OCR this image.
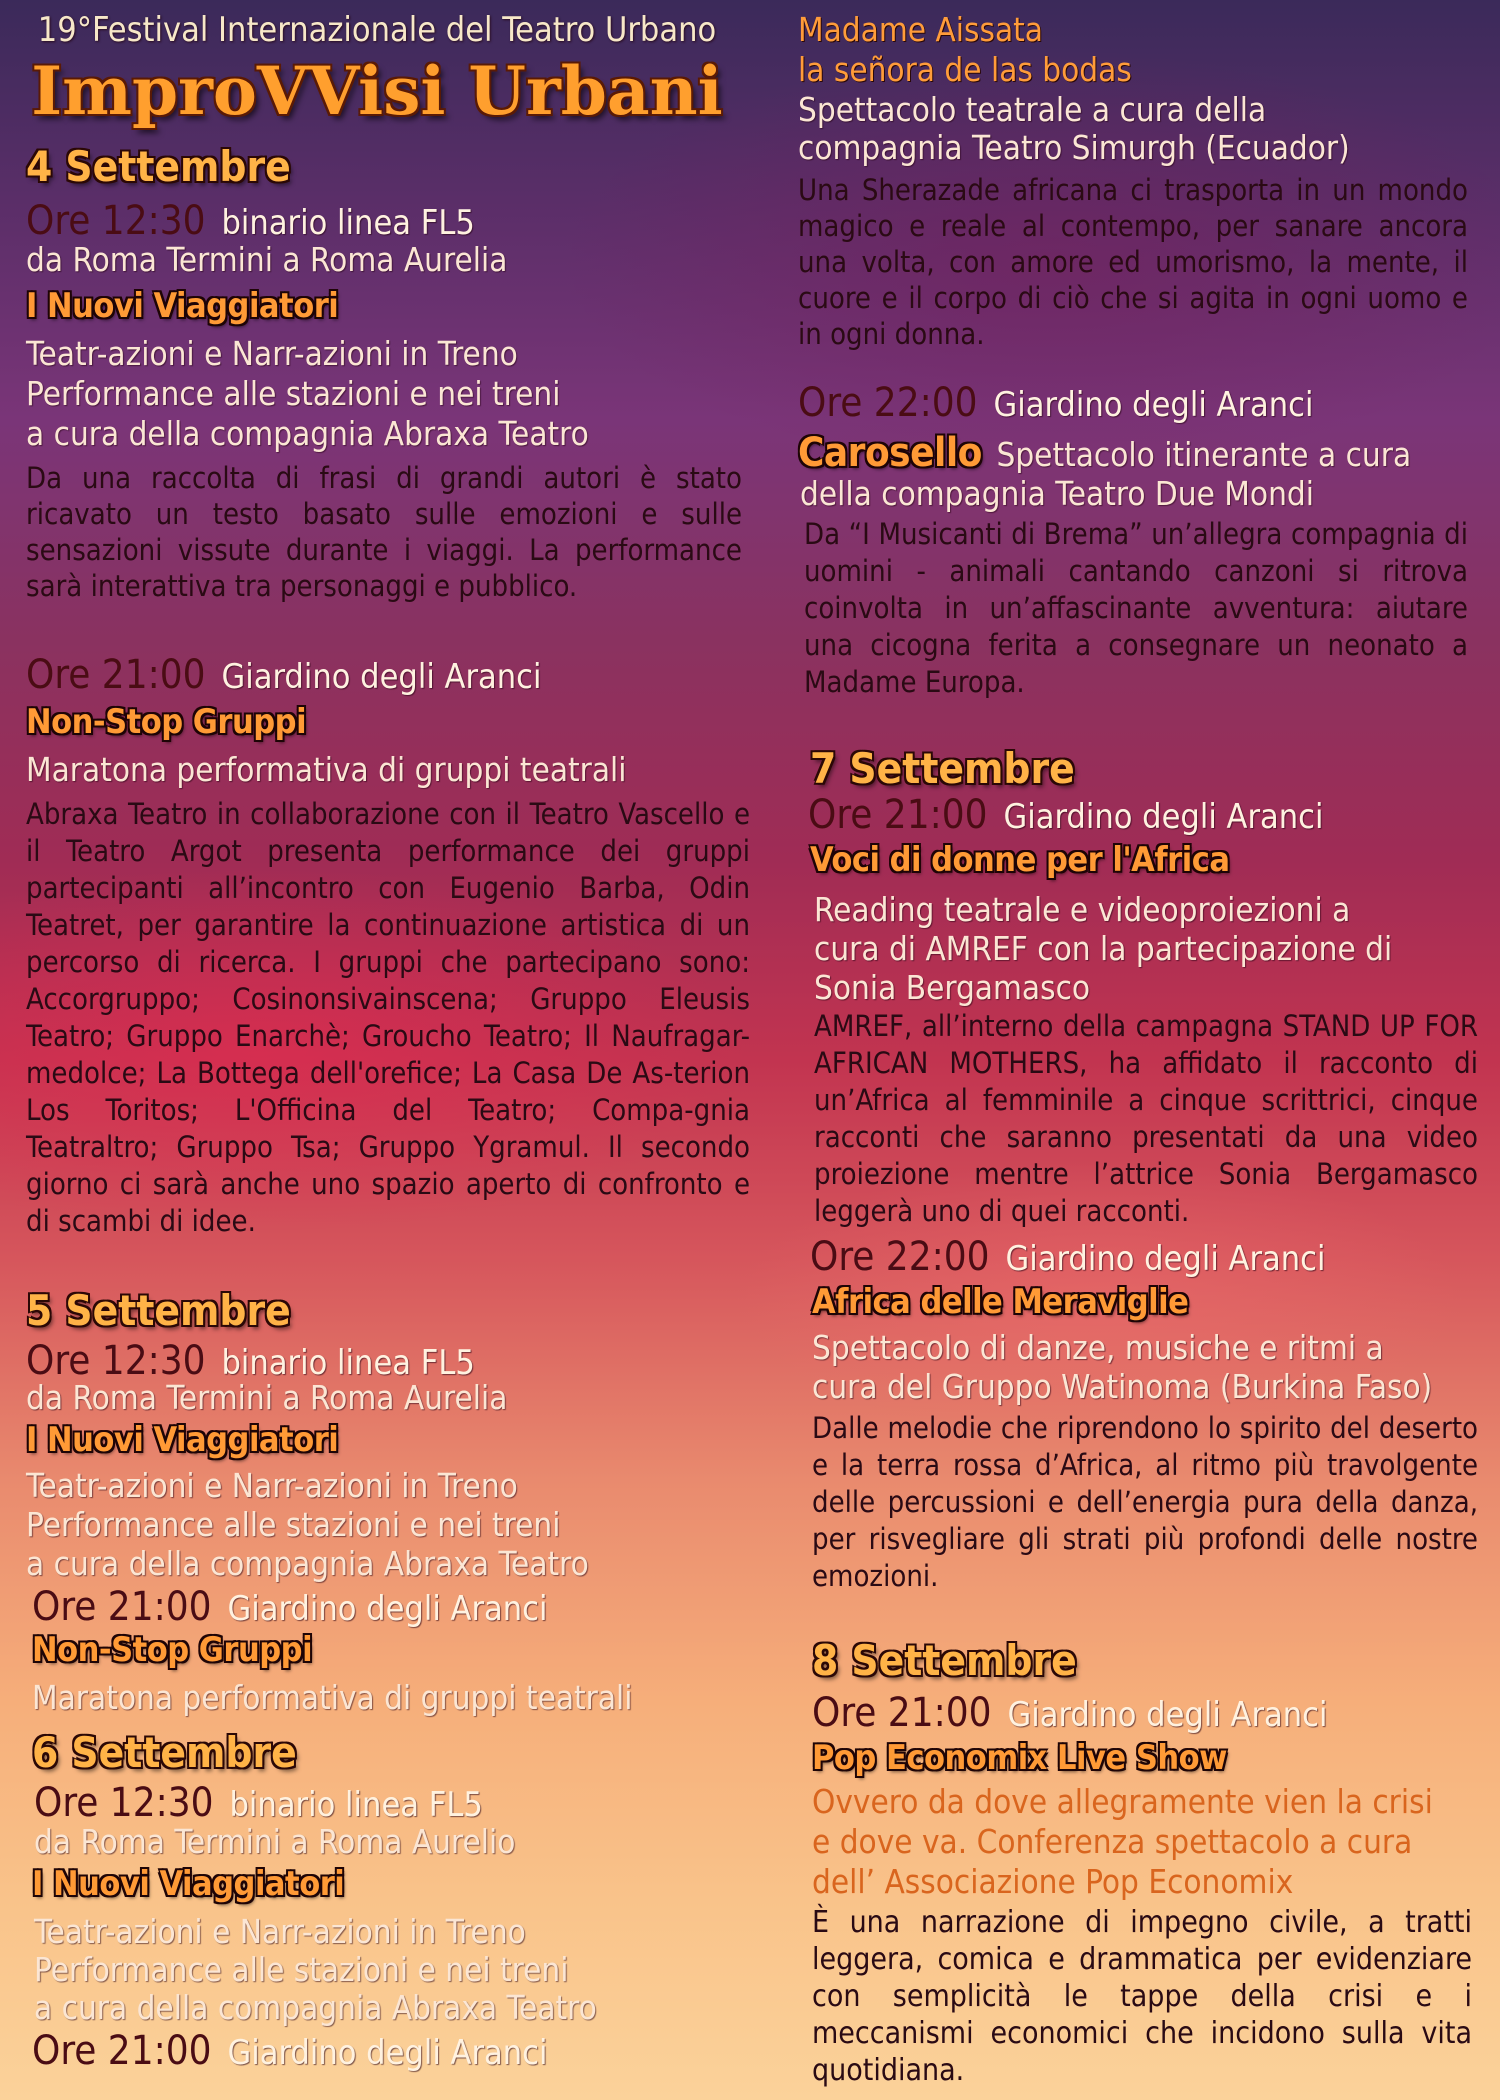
19°Festival Internazionale del Teatro Urbano
ImproVVisi Urbani
4 Settembre
Ore 12:30 binario linea FL5
da Roma Termini a Roma Aurelia
I Nuovi Viaggiatori
Teatr-azioni e Narr-azioni in Treno
Performance alle stazioni e nei treni
a cura della compagnia Abraxa Teatro
Da una raccolta di frasi di grandi autori è stato ricavato un testo basato sulle emozioni e sulle sensazioni vissute durante i viaggi. La performance sarà interattiva tra personaggi e pubblico.
Ore 21:00 Giardino degli Aranci
Non-Stop Gruppi
Maratona performativa di gruppi teatrali
Abraxa Teatro in collaborazione con il Teatro Vascello e il Teatro Argot presenta performance dei gruppi partecipanti all’incontro con Eugenio Barba, Odin Teatret, per garantire la continuazione artistica di un percorso di ricerca. I gruppi che partecipano sono: Accorgruppo; Cosinonsivainscena; Gruppo Eleusis Teatro; Gruppo Enarchè; Groucho Teatro; Il Naufragar-medolce; La Bottega dell'orefice; La Casa De As-terion Los Toritos; L'Officina del Teatro; Compa-gnia Teatraltro; Gruppo Tsa; Gruppo Ygramul. Il secondo giorno ci sarà anche uno spazio aperto di confronto e di scambi di idee.
5 Settembre
Ore 12:30 binario linea FL5
da Roma Termini a Roma Aurelia
I Nuovi Viaggiatori
Teatr-azioni e Narr-azioni in Treno
Performance alle stazioni e nei treni
a cura della compagnia Abraxa Teatro
Ore 21:00 Giardino degli Aranci
Non-Stop Gruppi
Maratona performativa di gruppi teatrali
6 Settembre
Ore 12:30 binario linea FL5
da Roma Termini a Roma Aurelio
I Nuovi Viaggiatori
Teatr-azioni e Narr-azioni in Treno
Performance alle stazioni e nei treni
a cura della compagnia Abraxa Teatro
Ore 21:00 Giardino degli Aranci
Madame Aissata
la señora de las bodas
Spettacolo teatrale a cura della
compagnia Teatro Simurgh (Ecuador)
Una Sherazade africana ci trasporta in un mondo magico e reale al contempo, per sanare ancora una volta, con amore ed umorismo, la mente, il cuore e il corpo di ciò che si agita in ogni uomo e in ogni donna.
Ore 22:00 Giardino degli Aranci
Carosello Spettacolo itinerante a cura
della compagnia Teatro Due Mondi
Da “I Musicanti di Brema” un’allegra compagnia di uomini - animali cantando canzoni si ritrova coinvolta in un’affascinante avventura: aiutare una cicogna ferita a consegnare un neonato a Madame Europa.
7 Settembre
Ore 21:00 Giardino degli Aranci
Voci di donne per l'Africa
Reading teatrale e videoproiezioni a
cura di AMREF con la partecipazione di
Sonia Bergamasco
AMREF, all’interno della campagna STAND UP FOR AFRICAN MOTHERS, ha affidato il racconto di un’Africa al femminile a cinque scrittrici, cinque racconti che saranno presentati da una video proiezione mentre l’attrice Sonia Bergamasco leggerà uno di quei racconti.
Ore 22:00 Giardino degli Aranci
Africa delle Meraviglie
Spettacolo di danze, musiche e ritmi a
cura del Gruppo Watinoma (Burkina Faso)
Dalle melodie che riprendono lo spirito del deserto e la terra rossa d’Africa, al ritmo più travolgente delle percussioni e dell’energia pura della danza, per risvegliare gli strati più profondi delle nostre emozioni.
8 Settembre
Ore 21:00 Giardino degli Aranci
Pop Economix Live Show
Ovvero da dove allegramente vien la crisi
e dove va. Conferenza spettacolo a cura
dell’ Associazione Pop Economix
È una narrazione di impegno civile, a tratti leggera, comica e drammatica per evidenziare con semplicità le tappe della crisi e i meccanismi economici che incidono sulla vita quotidiana.
